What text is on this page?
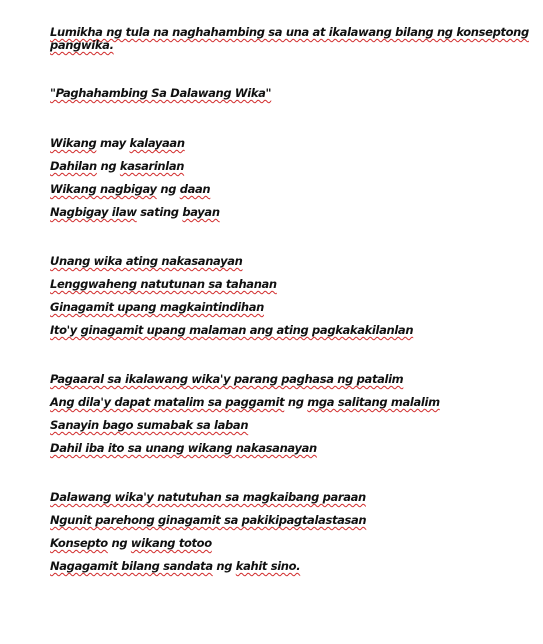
Lumikha ng tula na naghahambing sa una at ikalawang bilang ng konseptong pangwika.
"Paghahambing Sa Dalawang Wika"
Wikang may kalayaan
Dahilan ng kasarinlan
Wikang nagbigay ng daan
Nagbigay ilaw sating bayan
Unang wika ating nakasanayan
Lenggwaheng natutunan sa tahanan
Ginagamit upang magkaintindihan
Ito'y ginagamit upang malaman ang ating pagkakakilanlan
Pagaaral sa ikalawang wika'y parang paghasa ng patalim
Ang dila'y dapat matalim sa paggamit ng mga salitang malalim
Sanayin bago sumabak sa laban
Dahil iba ito sa unang wikang nakasanayan
Dalawang wika'y natutuhan sa magkaibang paraan
Ngunit parehong ginagamit sa pakikipagtalastasan
Konsepto ng wikang totoo
Nagagamit bilang sandata ng kahit sino.
